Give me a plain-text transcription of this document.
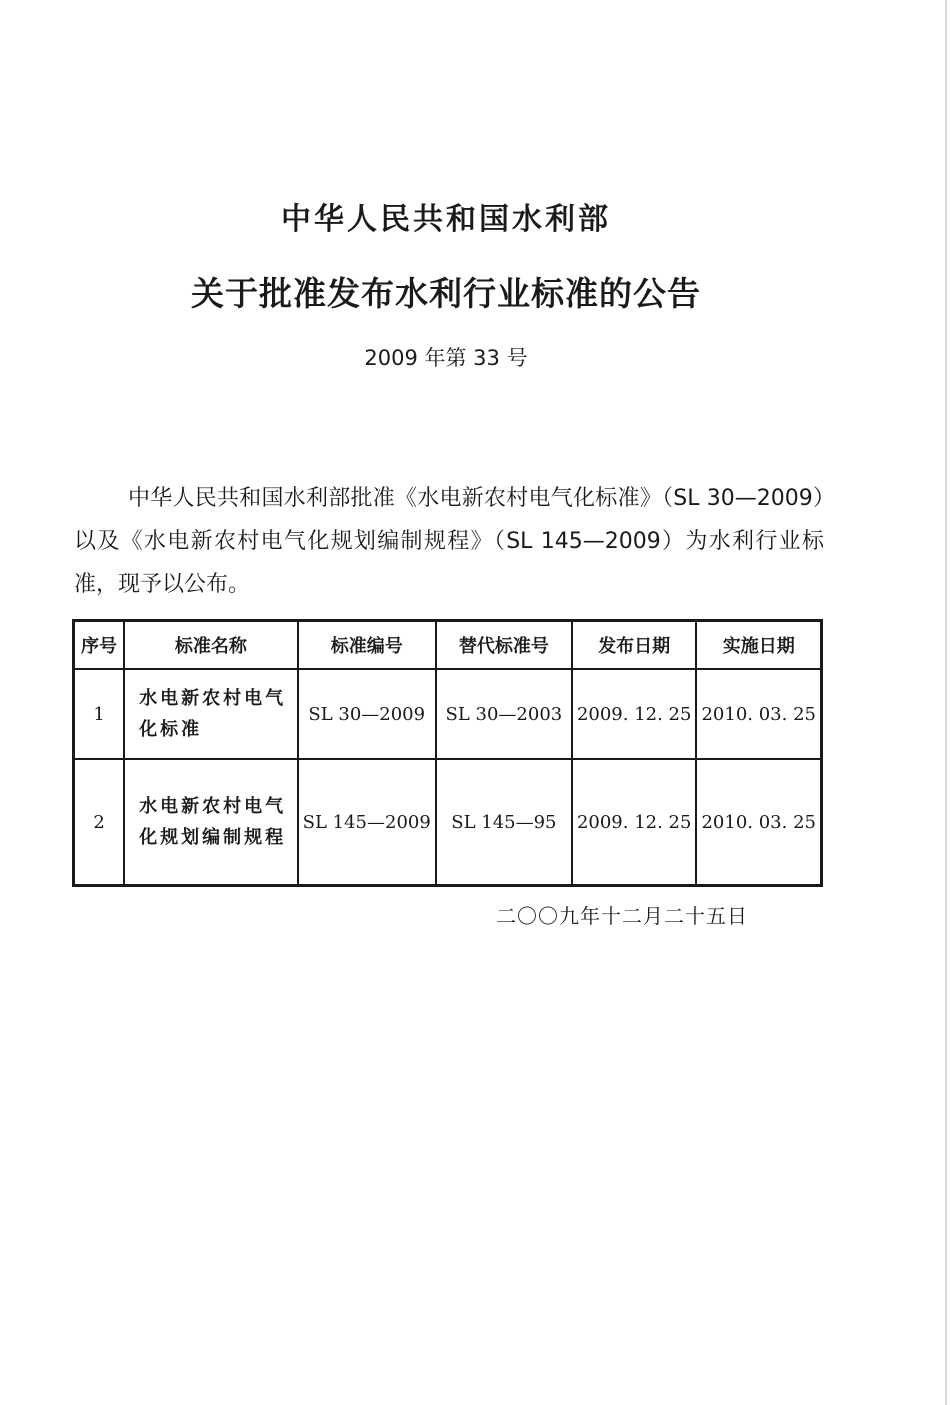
中华人民共和国水利部
关于批准发布水利行业标准的公告
2009 年第 33 号

中华人民共和国水利部批准《水电新农村电气化标准》（SL 30—2009）以及《水电新农村电气化规划编制规程》（SL 145—2009）为水利行业标准，现予以公布。

序号	标准名称	标准编号	替代标准号	发布日期	实施日期
1	水电新农村电气化标准	SL 30—2009	SL 30—2003	2009. 12. 25	2010. 03. 25
2	水电新农村电气化规划编制规程	SL 145—2009	SL 145—95	2009. 12. 25	2010. 03. 25
二〇〇九年十二月二十五日
